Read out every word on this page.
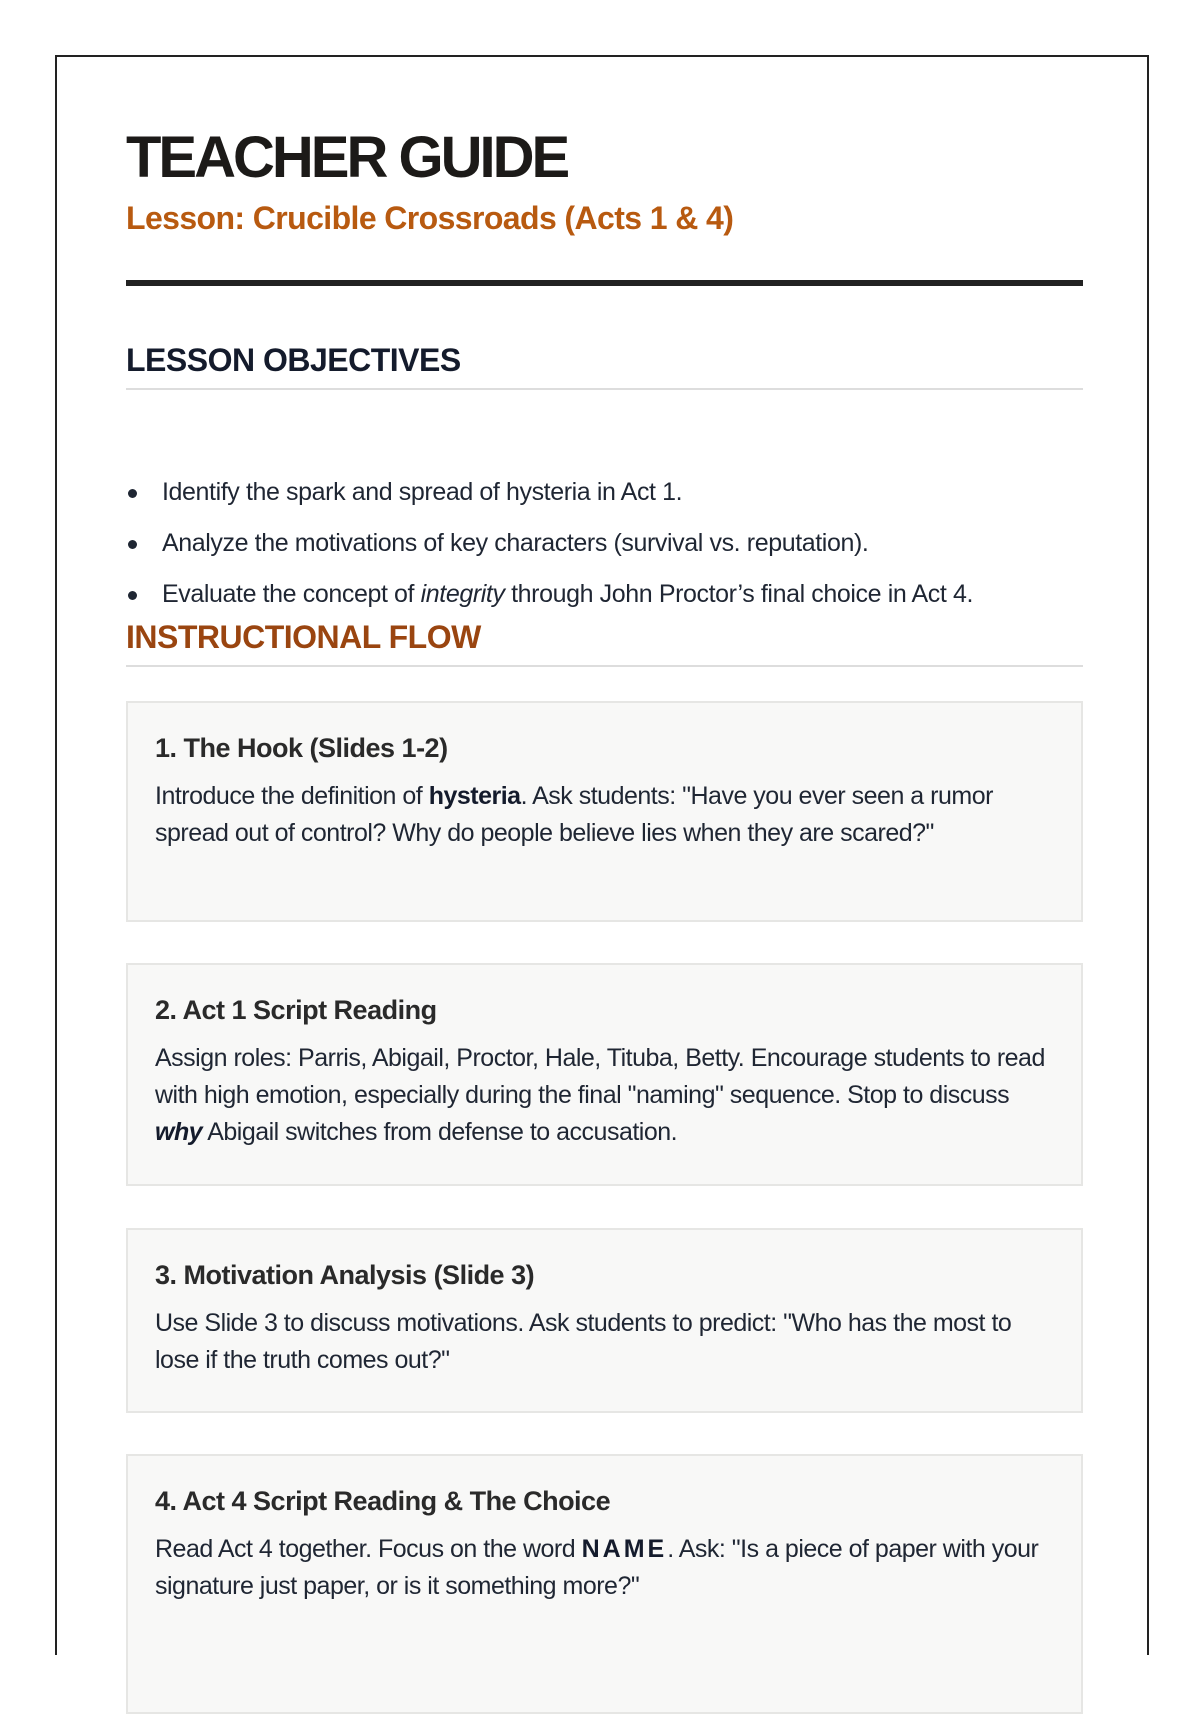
TEACHER GUIDE
Lesson: Crucible Crossroads (Acts 1 & 4)
LESSON OBJECTIVES
Identify the spark and spread of hysteria in Act 1.
Analyze the motivations of key characters (survival vs. reputation).
Evaluate the concept of integrity through John Proctor’s final choice in Act 4.
INSTRUCTIONAL FLOW
1. The Hook (Slides 1-2)

Introduce the definition of hysteria. Ask students: "Have you ever seen a rumor spread out of control? Why do people believe lies when they are scared?"

2. Act 1 Script Reading

Assign roles: Parris, Abigail, Proctor, Hale, Tituba, Betty. Encourage students to read with high emotion, especially during the final "naming" sequence. Stop to discuss why Abigail switches from defense to accusation.

3. Motivation Analysis (Slide 3)

Use Slide 3 to discuss motivations. Ask students to predict: "Who has the most to lose if the truth comes out?"

4. Act 4 Script Reading & The Choice

Read Act 4 together. Focus on the word NAME. Ask: "Is a piece of paper with your signature just paper, or is it something more?"
